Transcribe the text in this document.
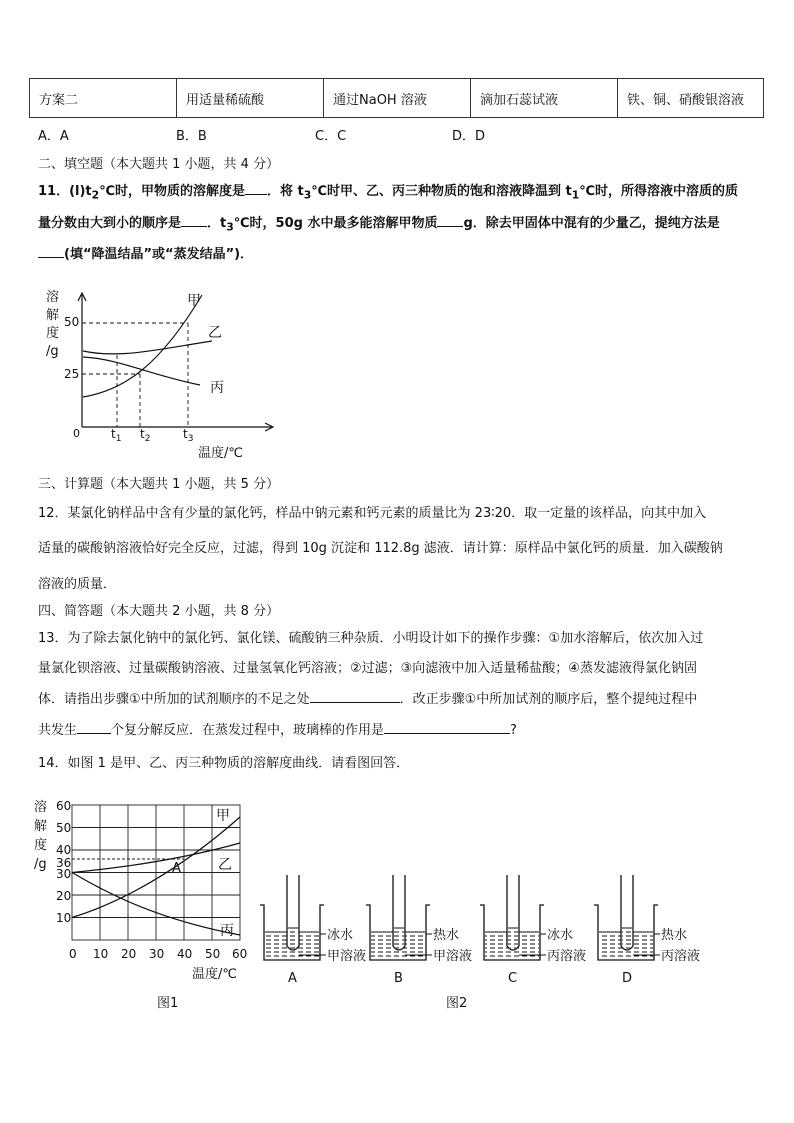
方案二	用适量稀硫酸	通过NaOH 溶液	滴加石蕊试液	铁、铜、硝酸银溶液
A．A	B．B	C．C	D．D
二、填空题（本大题共 1 小题，共 4 分）
11．$(l)t_2℃$时，甲物质的溶解度是 ．将 $t_3℃$时甲、乙、丙三种物质的饱和溶液降温到 $t_1℃$时，所得溶液中溶质的质
量分数由大到小的顺序是 ．$t_3℃$时，50g 水中最多能溶解甲物质 g．除去甲固体中混有的少量乙，提纯方法是
(填“降温结晶”或“蒸发结晶”)．
溶
解
度
/g
50
25
0	$t_1$ $t_2$	$t_3$
温度/℃
甲
乙
丙
三、计算题（本大题共 1 小题，共 5 分）
12．某氯化钠样品中含有少量的氯化钙，样品中钠元素和钙元素的质量比为 23∶20．取一定量的该样品，向其中加入
适量的碳酸钠溶液恰好完全反应，过滤，得到 10g 沉淀和 112.8g 滤液．请计算：原样品中氯化钙的质量．加入碳酸钠
溶液的质量．
四、简答题（本大题共 2 小题，共 8 分）
13．为了除去氯化钠中的氯化钙、氯化镁、硫酸钠三种杂质．小明设计如下的操作步骤：①加水溶解后，依次加入过
量氯化钡溶液、过量碳酸钠溶液、过量氢氧化钙溶液；②过滤；③向滤液中加入适量稀盐酸；④蒸发滤液得氯化钠固
体．请指出步骤①中所加的试剂顺序的不足之处	．改正步骤①中所加试剂的顺序后，整个提纯过程中
共发生	个复分解反应．在蒸发过程中，玻璃棒的作用是	?
14．如图 1 是甲、乙、丙三种物质的溶解度曲线．请看图回答．
溶
解
度
/g
60
50
40
36
30
20
10
0 10 20 30 40 50 60
温度/℃
甲
乙
丙
A
图1
冰水
甲溶液
A
热水
甲溶液
B
冰水
丙溶液
C
热水
丙溶液
D
图2
